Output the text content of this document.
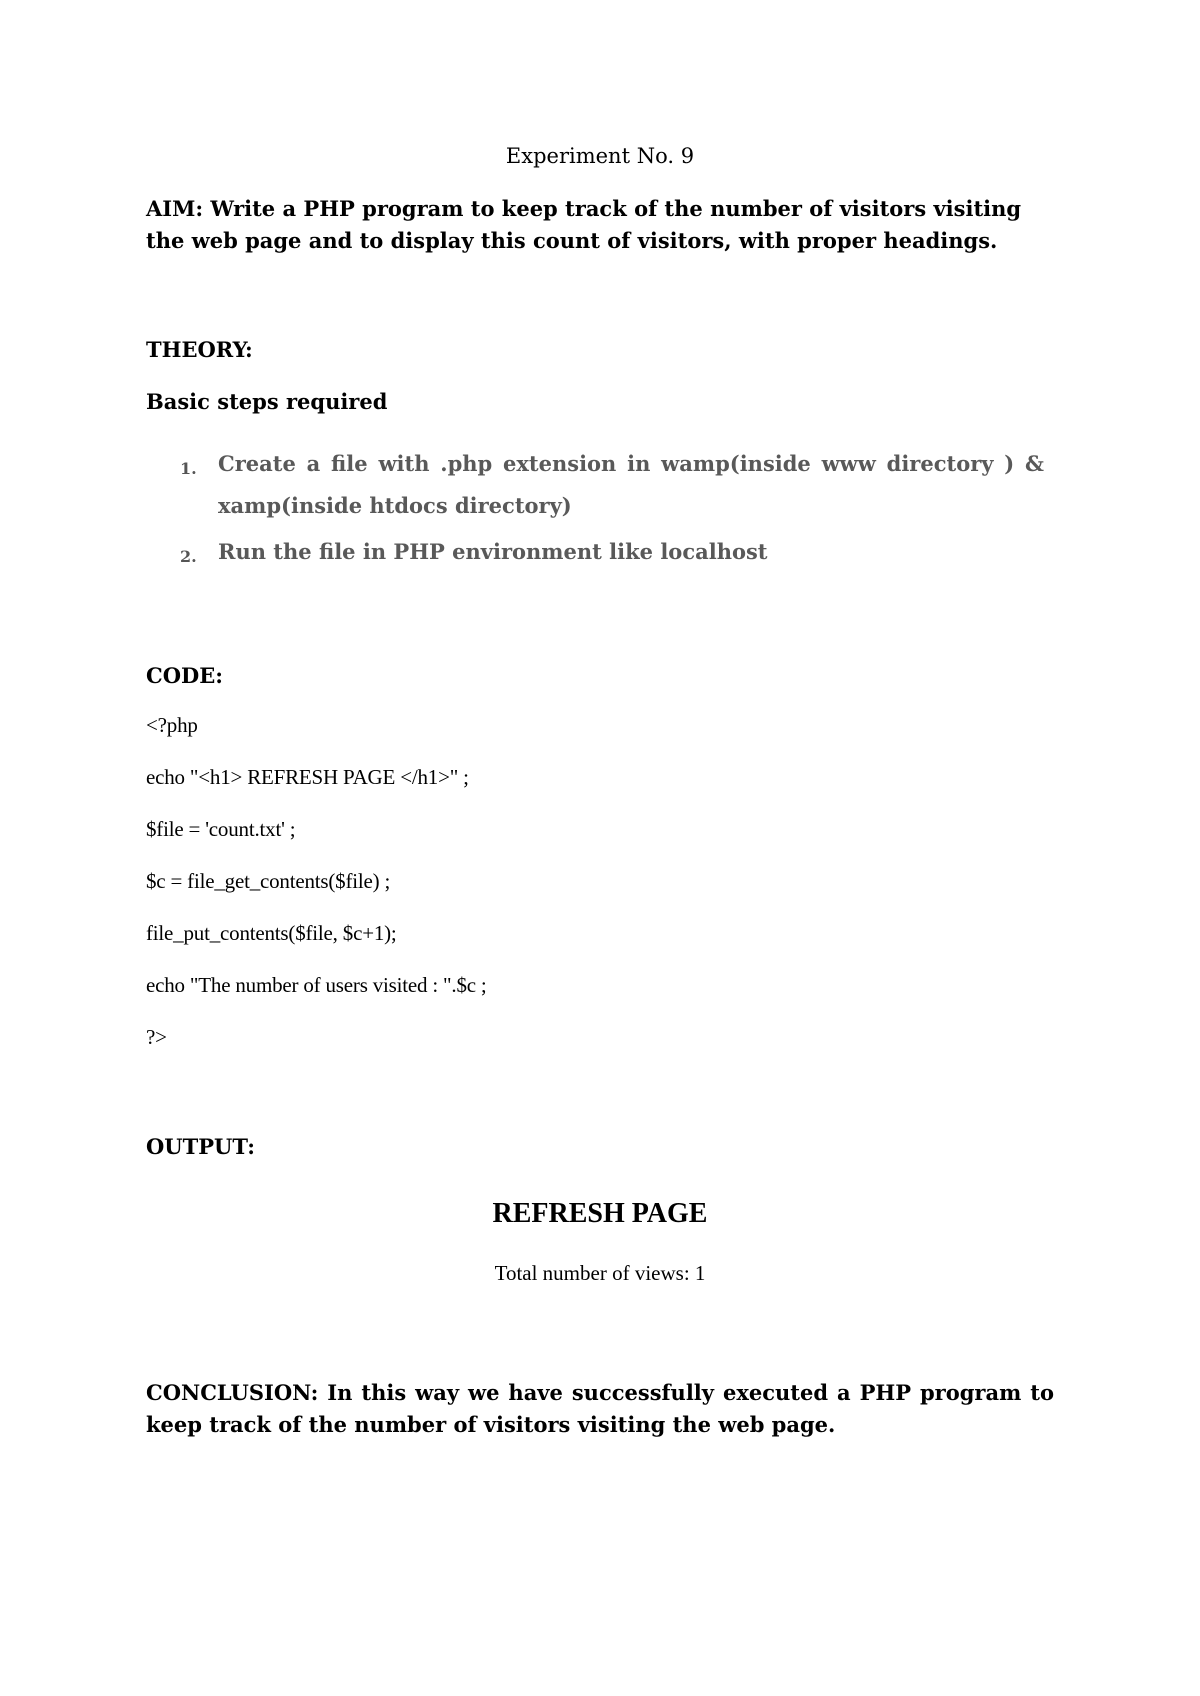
Experiment No. 9

AIM: Write a PHP program to keep track of the number of visitors visiting the web page and to display this count of visitors, with proper headings.

THEORY:

Basic steps required

1. Create a file with .php extension in wamp(inside www directory ) &

xamp(inside htdocs directory)

2. Run the file in PHP environment like localhost

CODE:

<?php

echo "<h1> REFRESH PAGE </h1>" ;

$file = 'count.txt' ;

$c = file_get_contents($file) ;

file_put_contents($file, $c+1);

echo "The number of users visited : ".$c ;

?>

OUTPUT:

REFRESH PAGE

Total number of views: 1

CONCLUSION: In this way we have successfully executed a PHP program to keep track of the number of visitors visiting the web page.
